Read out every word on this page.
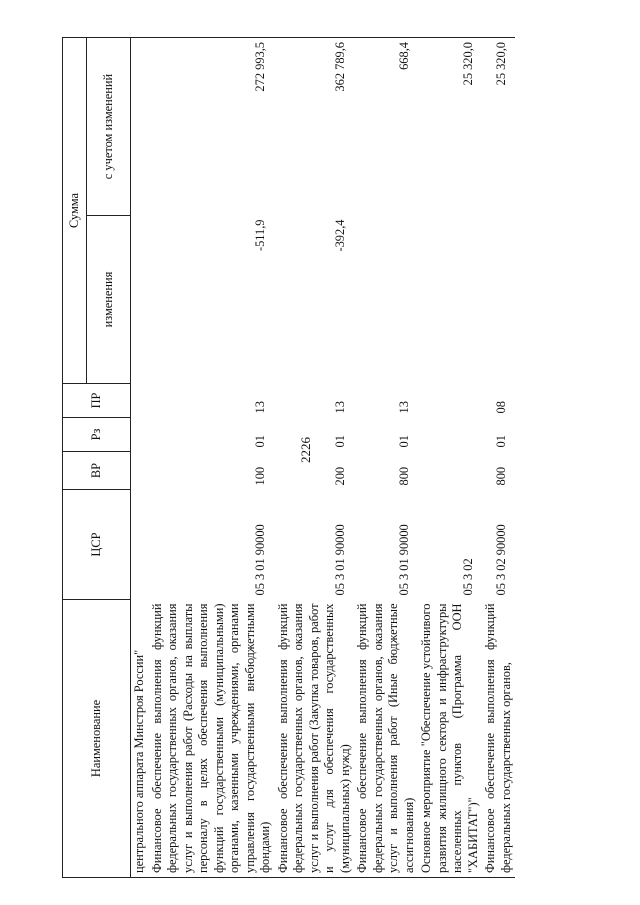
2226
Наименование	ЦСР	ВР	Рз	ПР	Сумма	
					изменения	с учетом изменений
центрального аппарата Минстроя России"						
Финансовое обеспечение выполнения функций федеральных государственных органов, оказания услуг и выполнения работ (Расходы на выплаты персоналу в целях обеспечения выполнения функций государственными (муниципальными) органами, казенными учреждениями, органами управления государственными внебюджетными фондами)	05 3 01 90000	100	01	13	-511,9	272 993,5
Финансовое обеспечение выполнения функций федеральных государственных органов, оказания услуг и выполнения работ (Закупка товаров, работ и услуг для обеспечения государственных (муниципальных) нужд)	05 3 01 90000	200	01	13	-392,4	362 789,6
Финансовое обеспечение выполнения функций федеральных государственных органов, оказания услуг и выполнения работ (Иные бюджетные ассигнования)	05 3 01 90000	800	01	13		668,4
Основное мероприятие "Обеспечение устойчивого развития жилищного сектора и инфраструктуры населенных пунктов (Программа ООН "ХАБИТАТ")"	05 3 02					25 320,0
Финансовое обеспечение выполнения функций федеральных государственных органов,	05 3 02 90000	800	01	08		25 320,0
